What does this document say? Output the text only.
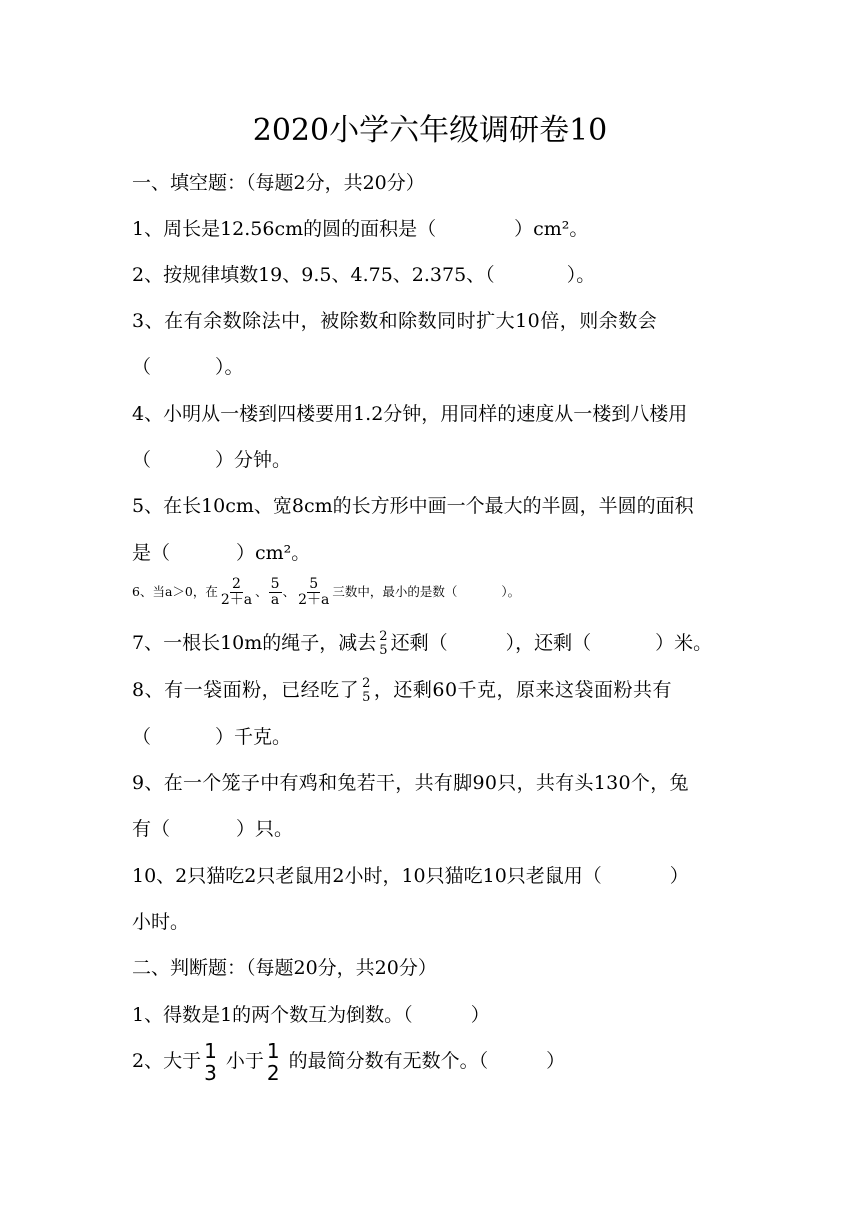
2020小学六年级调研卷10
一、填空题：（每题2分，共20分）
1、周长是12.56cm的圆的面积是（	）cm²。
2、按规律填数19、9.5、4.75、2.375、（	）。
3、在有余数除法中，被除数和除数同时扩大10倍，则余数会
（	）。
4、小明从一楼到四楼要用1.2分钟，用同样的速度从一楼到八楼用
（	）分钟。
5、在长10cm、宽8cm的长方形中画一个最大的半圆，半圆的面积
是（	）cm²。
6、当a＞0，在 $\frac{2}{2+a}$ 、 $\frac{5}{a}$ 、 $\frac{5}{2+a}$ 三数中，最小的是数（	）。
7、一根长10m的绳子，减去 2
5 还剩（	），还剩（	）米。
8、有一袋面粉，已经吃了 2
5 ，还剩60千克，原来这袋面粉共有
（	）千克。
9、在一个笼子中有鸡和兔若干，共有脚90只，共有头130个，兔
有（	）只。
10、2只猫吃2只老鼠用2小时，10只猫吃10只老鼠用（	）
小时。
二、判断题：（每题20分，共20分）
1、得数是1的两个数互为倒数。（	）
2、大于 1
3 小于 1
2 的最简分数有无数个。（	）
